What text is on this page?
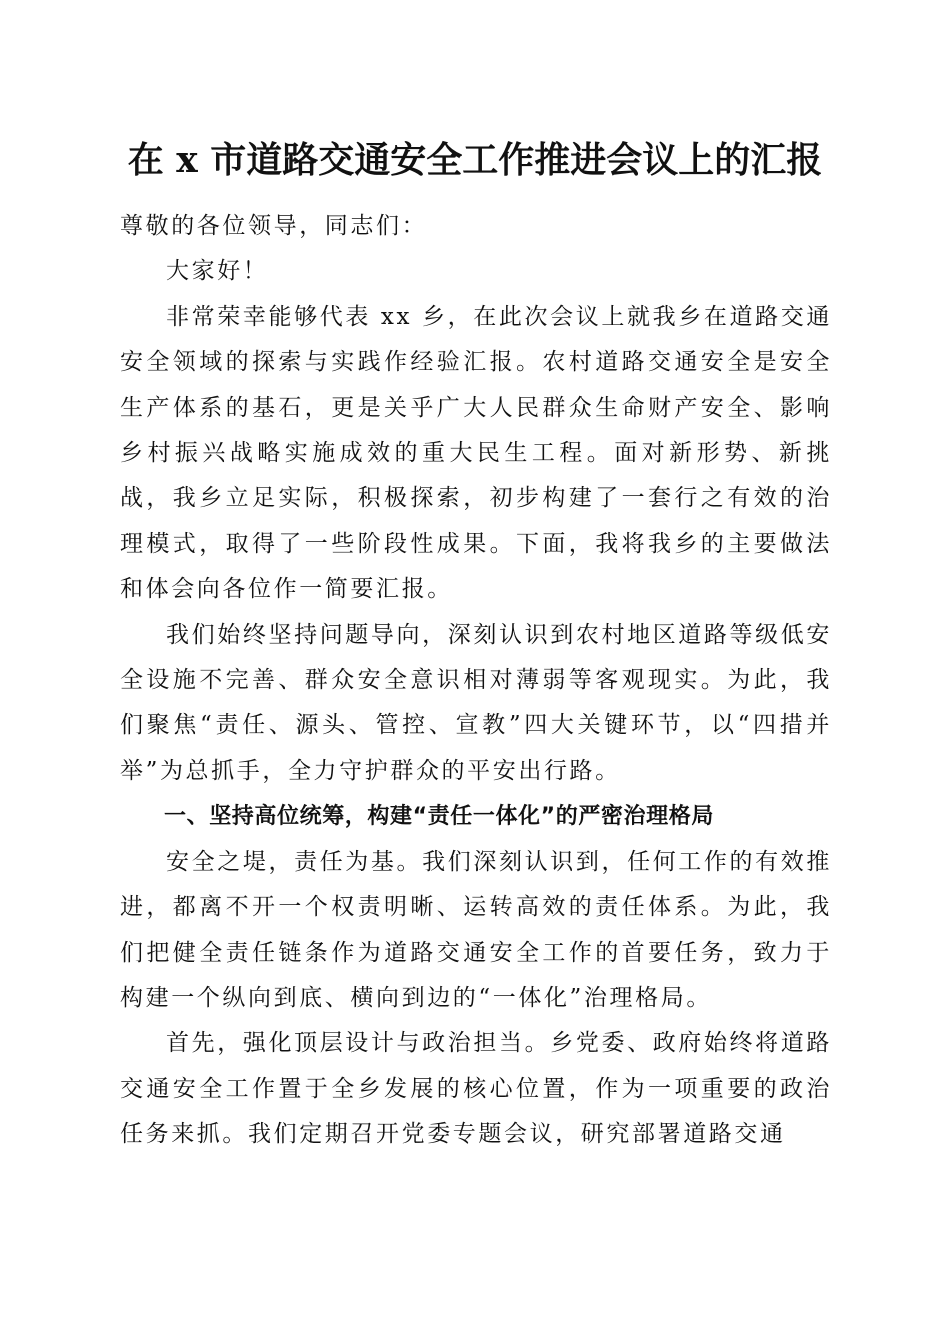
在 x 市道路交通安全工作推进会议上的汇报

尊敬的各位领导，同志们：

大家好！

非常荣幸能够代表 xx 乡，在此次会议上就我乡在道路交通安全领域的探索与实践作经验汇报。农村道路交通安全是安全生产体系的基石，更是关乎广大人民群众生命财产安全、影响乡村振兴战略实施成效的重大民生工程。面对新形势、新挑战，我乡立足实际，积极探索，初步构建了一套行之有效的治理模式，取得了一些阶段性成果。下面，我将我乡的主要做法和体会向各位作一简要汇报。

我们始终坚持问题导向，深刻认识到农村地区道路等级低安全设施不完善、群众安全意识相对薄弱等客观现实。为此，我们聚焦“责任、源头、管控、宣教”四大关键环节，以“四措并举”为总抓手，全力守护群众的平安出行路。

一、坚持高位统筹，构建“责任一体化”的严密治理格局

安全之堤，责任为基。我们深刻认识到，任何工作的有效推进，都离不开一个权责明晰、运转高效的责任体系。为此，我们把健全责任链条作为道路交通安全工作的首要任务，致力于构建一个纵向到底、横向到边的“一体化”治理格局。

首先，强化顶层设计与政治担当。乡党委、政府始终将道路交通安全工作置于全乡发展的核心位置，作为一项重要的政治任务来抓。我们定期召开党委专题会议，研究部署道路交通
